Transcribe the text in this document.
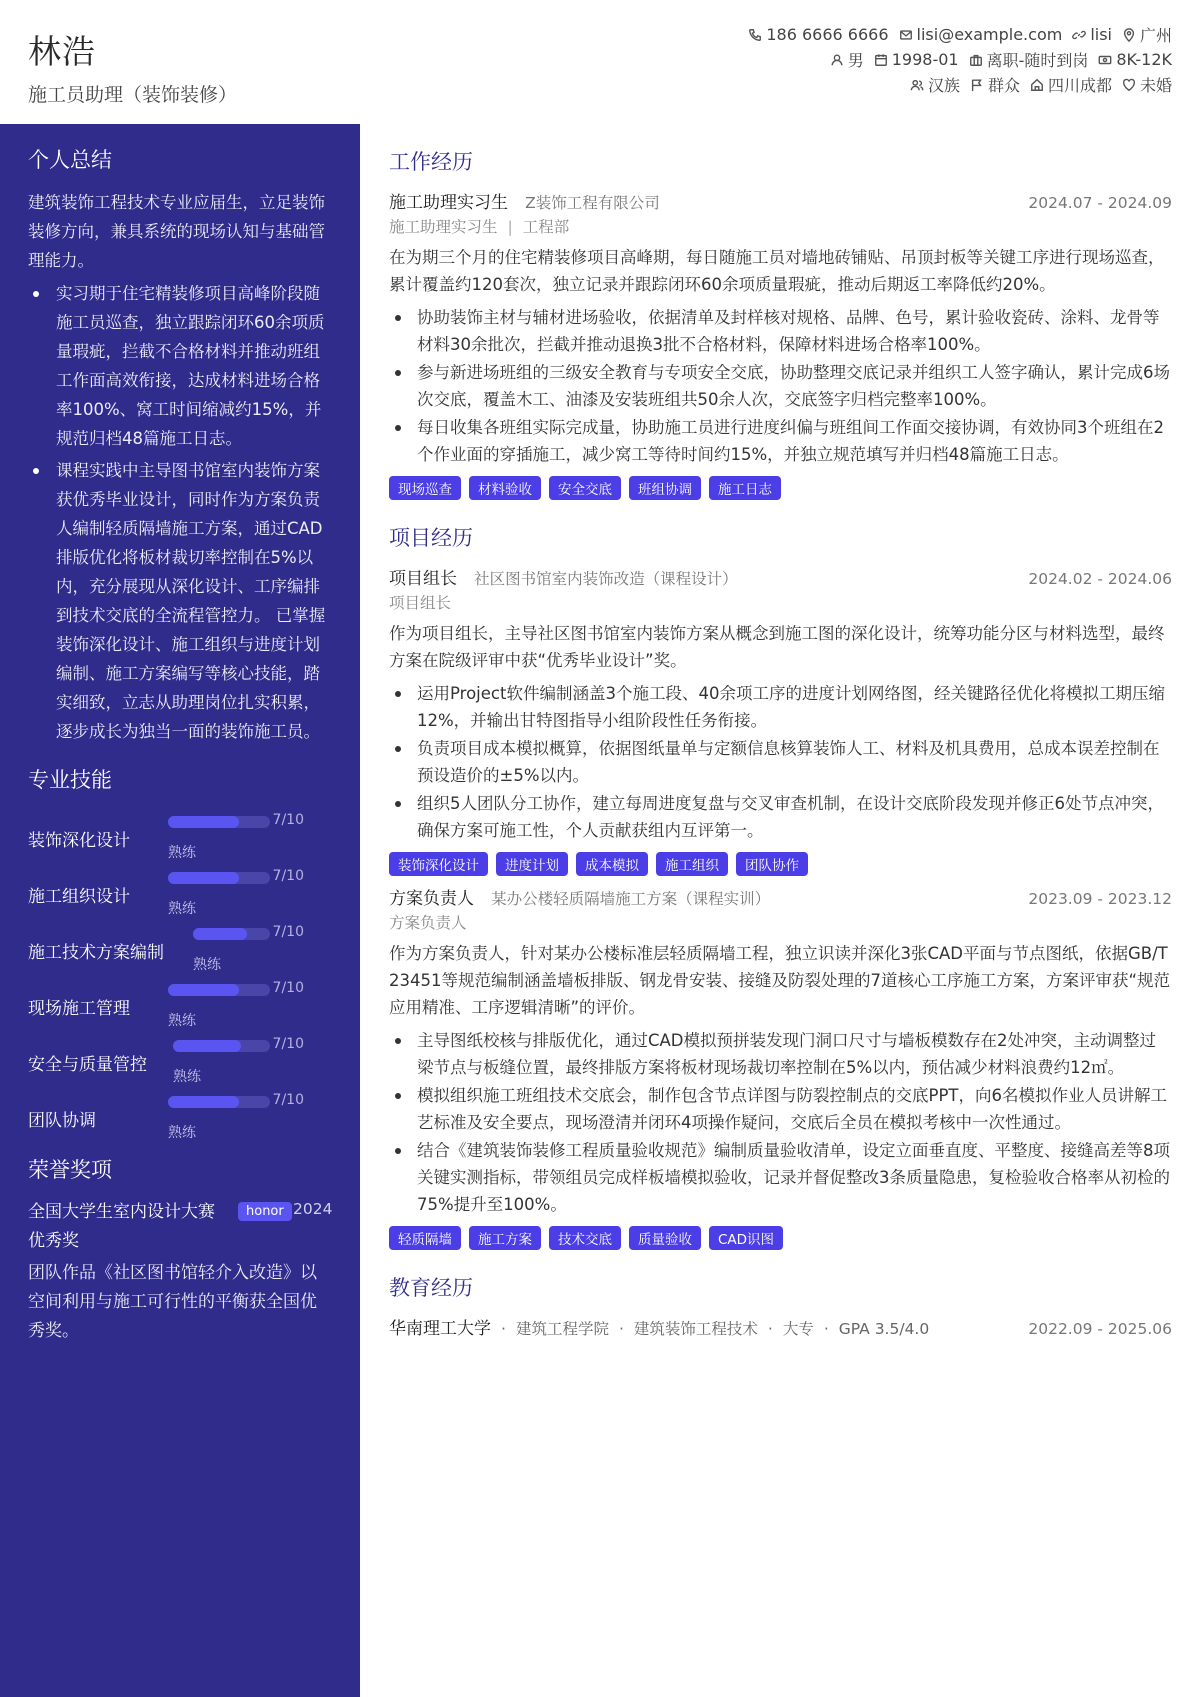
林浩
施工员助理（装饰装修）
186 6666 6666 lisi@example.com lisi 广州
男 1998-01 离职-随时到岗 8K-12K
汉族 群众 四川成都 未婚
个人总结
建筑装饰工程技术专业应届生，立足装饰装修方向，兼具系统的现场认知与基础管理能力。
实习期于住宅精装修项目高峰阶段随施工员巡查，独立跟踪闭环60余项质量瑕疵，拦截不合格材料并推动班组工作面高效衔接，达成材料进场合格率100%、窝工时间缩减约15%，并规范归档48篇施工日志。
课程实践中主导图书馆室内装饰方案获优秀毕业设计，同时作为方案负责人编制轻质隔墙施工方案，通过CAD排版优化将板材裁切率控制在5%以内，充分展现从深化设计、工序编排到技术交底的全流程管控力。 已掌握装饰深化设计、施工组织与进度计划编制、施工方案编写等核心技能，踏实细致，立志从助理岗位扎实积累，逐步成长为独当一面的装饰施工员。
专业技能
装饰深化设计
7/10
熟练
施工组织设计
7/10
熟练
施工技术方案编制
7/10
熟练
现场施工管理
7/10
熟练
安全与质量管控
7/10
熟练
团队协调
7/10
熟练
荣誉奖项
全国大学生室内设计大赛优秀奖
honor 2024
团队作品《社区图书馆轻介入改造》以空间利用与施工可行性的平衡获全国优秀奖。
工作经历
施工助理实习生 Z装饰工程有限公司	2024.07 - 2024.09
施工助理实习生 | 工程部
在为期三个月的住宅精装修项目高峰期，每日随施工员对墙地砖铺贴、吊顶封板等关键工序进行现场巡查，累计覆盖约120套次，独立记录并跟踪闭环60余项质量瑕疵，推动后期返工率降低约20%。
协助装饰主材与辅材进场验收，依据清单及封样核对规格、品牌、色号，累计验收瓷砖、涂料、龙骨等材料30余批次，拦截并推动退换3批不合格材料，保障材料进场合格率100%。
参与新进场班组的三级安全教育与专项安全交底，协助整理交底记录并组织工人签字确认，累计完成6场次交底，覆盖木工、油漆及安装班组共50余人次，交底签字归档完整率100%。
每日收集各班组实际完成量，协助施工员进行进度纠偏与班组间工作面交接协调，有效协同3个班组在2个作业面的穿插施工，减少窝工等待时间约15%，并独立规范填写并归档48篇施工日志。
现场巡查	材料验收	安全交底	班组协调	施工日志
项目经历
项目组长 社区图书馆室内装饰改造（课程设计）	2024.02 - 2024.06
项目组长
作为项目组长，主导社区图书馆室内装饰方案从概念到施工图的深化设计，统筹功能分区与材料选型，最终方案在院级评审中获“优秀毕业设计”奖。
运用Project软件编制涵盖3个施工段、40余项工序的进度计划网络图，经关键路径优化将模拟工期压缩12%，并输出甘特图指导小组阶段性任务衔接。
负责项目成本模拟概算，依据图纸量单与定额信息核算装饰人工、材料及机具费用，总成本误差控制在预设造价的±5%以内。
组织5人团队分工协作，建立每周进度复盘与交叉审查机制，在设计交底阶段发现并修正6处节点冲突，确保方案可施工性，个人贡献获组内互评第一。
装饰深化设计	进度计划	成本模拟	施工组织	团队协作
方案负责人 某办公楼轻质隔墙施工方案（课程实训）	2023.09 - 2023.12
方案负责人
作为方案负责人，针对某办公楼标准层轻质隔墙工程，独立识读并深化3张CAD平面与节点图纸，依据GB/T 23451等规范编制涵盖墙板排版、钢龙骨安装、接缝及防裂处理的7道核心工序施工方案，方案评审获“规范应用精准、工序逻辑清晰”的评价。
主导图纸校核与排版优化，通过CAD模拟预拼装发现门洞口尺寸与墙板模数存在2处冲突，主动调整过梁节点与板缝位置，最终排版方案将板材现场裁切率控制在5%以内，预估减少材料浪费约12㎡。
模拟组织施工班组技术交底会，制作包含节点详图与防裂控制点的交底PPT，向6名模拟作业人员讲解工艺标准及安全要点，现场澄清并闭环4项操作疑问，交底后全员在模拟考核中一次性通过。
结合《建筑装饰装修工程质量验收规范》编制质量验收清单，设定立面垂直度、平整度、接缝高差等8项关键实测指标，带领组员完成样板墙模拟验收，记录并督促整改3条质量隐患，复检验收合格率从初检的75%提升至100%。
轻质隔墙	施工方案	技术交底	质量验收	CAD识图
教育经历
华南理工大学 · 建筑工程学院 · 建筑装饰工程技术 · 大专 · GPA 3.5/4.0	2022.09 - 2025.06
